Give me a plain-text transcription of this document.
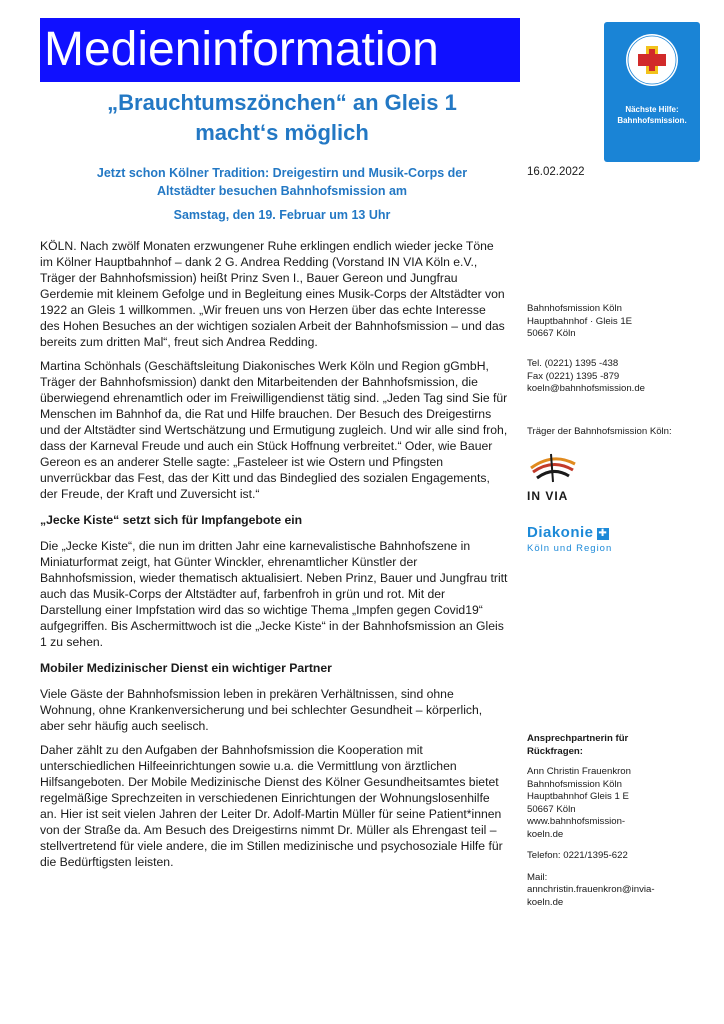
Medieninformation
Nächste Hilfe:
Bahnhofsmission.
„Brauchtumszönchen“ an Gleis 1
macht‘s möglich
Jetzt schon Kölner Tradition: Dreigestirn und Musik-Corps der
Altstädter besuchen Bahnhofsmission am
Samstag, den 19. Februar um 13 Uhr

KÖLN. Nach zwölf Monaten erzwungener Ruhe erklingen endlich wieder jecke Töne im Kölner Hauptbahnhof – dank 2 G. Andrea Redding (Vorstand IN VIA Köln e.V., Träger der Bahnhofsmission) heißt Prinz Sven I., Bauer Gereon und Jungfrau Gerdemie mit kleinem Gefolge und in Begleitung eines Musik-Corps der Altstädter von 1922 an Gleis 1 willkommen. „Wir freuen uns von Herzen über das echte Interesse des Hohen Besuches an der wichtigen sozialen Arbeit der Bahnhofsmission – und das bereits zum dritten Mal“, freut sich Andrea Redding.

Martina Schönhals (Geschäftsleitung Diakonisches Werk Köln und Region gGmbH, Träger der Bahnhofsmission) dankt den Mitarbeitenden der Bahnhofsmission, die überwiegend ehrenamtlich oder im Freiwilligendienst tätig sind. „Jeden Tag sind Sie für Menschen im Bahnhof da, die Rat und Hilfe brauchen. Der Besuch des Dreigestirns und der Altstädter sind Wertschätzung und Ermutigung zugleich. Und wir alle sind froh, dass der Karneval Freude und auch ein Stück Hoffnung verbreitet.“ Oder, wie Bauer Gereon es an anderer Stelle sagte: „Fasteleer ist wie Ostern und Pfingsten unverrückbar das Fest, das der Kitt und das Bindeglied des sozialen Engagements, der Freude, der Kraft und Zuversicht ist.“

„Jecke Kiste“ setzt sich für Impfangebote ein

Die „Jecke Kiste“, die nun im dritten Jahr eine karnevalistische Bahnhofszene in Miniaturformat zeigt, hat Günter Winckler, ehrenamtlicher Künstler der Bahnhofsmission, wieder thematisch aktualisiert. Neben Prinz, Bauer und Jungfrau tritt auch das Musik-Corps der Altstädter auf, farbenfroh in grün und rot. Mit der Darstellung einer Impfstation wird das so wichtige Thema „Impfen gegen Covid19“ aufgegriffen. Bis Aschermittwoch ist die „Jecke Kiste“ in der Bahnhofsmission an Gleis 1 zu sehen.

Mobiler Medizinischer Dienst ein wichtiger Partner

Viele Gäste der Bahnhofsmission leben in prekären Verhältnissen, sind ohne Wohnung, ohne Krankenversicherung und bei schlechter Gesundheit – körperlich, aber sehr häufig auch seelisch.

Daher zählt zu den Aufgaben der Bahnhofsmission die Kooperation mit unterschiedlichen Hilfeeinrichtungen sowie u.a. die Vermittlung von ärztlichen Hilfsangeboten. Der Mobile Medizinische Dienst des Kölner Gesundheitsamtes bietet regelmäßige Sprechzeiten in verschiedenen Einrichtungen der Wohnungslosenhilfe an. Hier ist seit vielen Jahren der Leiter Dr. Adolf-Martin Müller für seine Patient*innen von der Straße da. Am Besuch des Dreigestirns nimmt Dr. Müller als Ehrengast teil – stellvertretend für viele andere, die im Stillen medizinische und psychosoziale Hilfe für die Bedürftigsten leisten.

16.02.2022
Bahnhofsmission Köln
Hauptbahnhof · Gleis 1E
50667 Köln
Tel. (0221) 1395 -438
Fax (0221) 1395 -879
koeln@bahnhofsmission.de
Träger der Bahnhofsmission Köln:
IN VIA
Diakonie ✚
Köln und Region
Ansprechpartnerin für
Rückfragen:

Ann Christin Frauenkron
Bahnhofsmission Köln
Hauptbahnhof Gleis 1 E
50667 Köln
www.bahnhofsmission-
koeln.de

Telefon: 0221/1395-622

Mail:
annchristin.frauenkron@invia-
koeln.de
